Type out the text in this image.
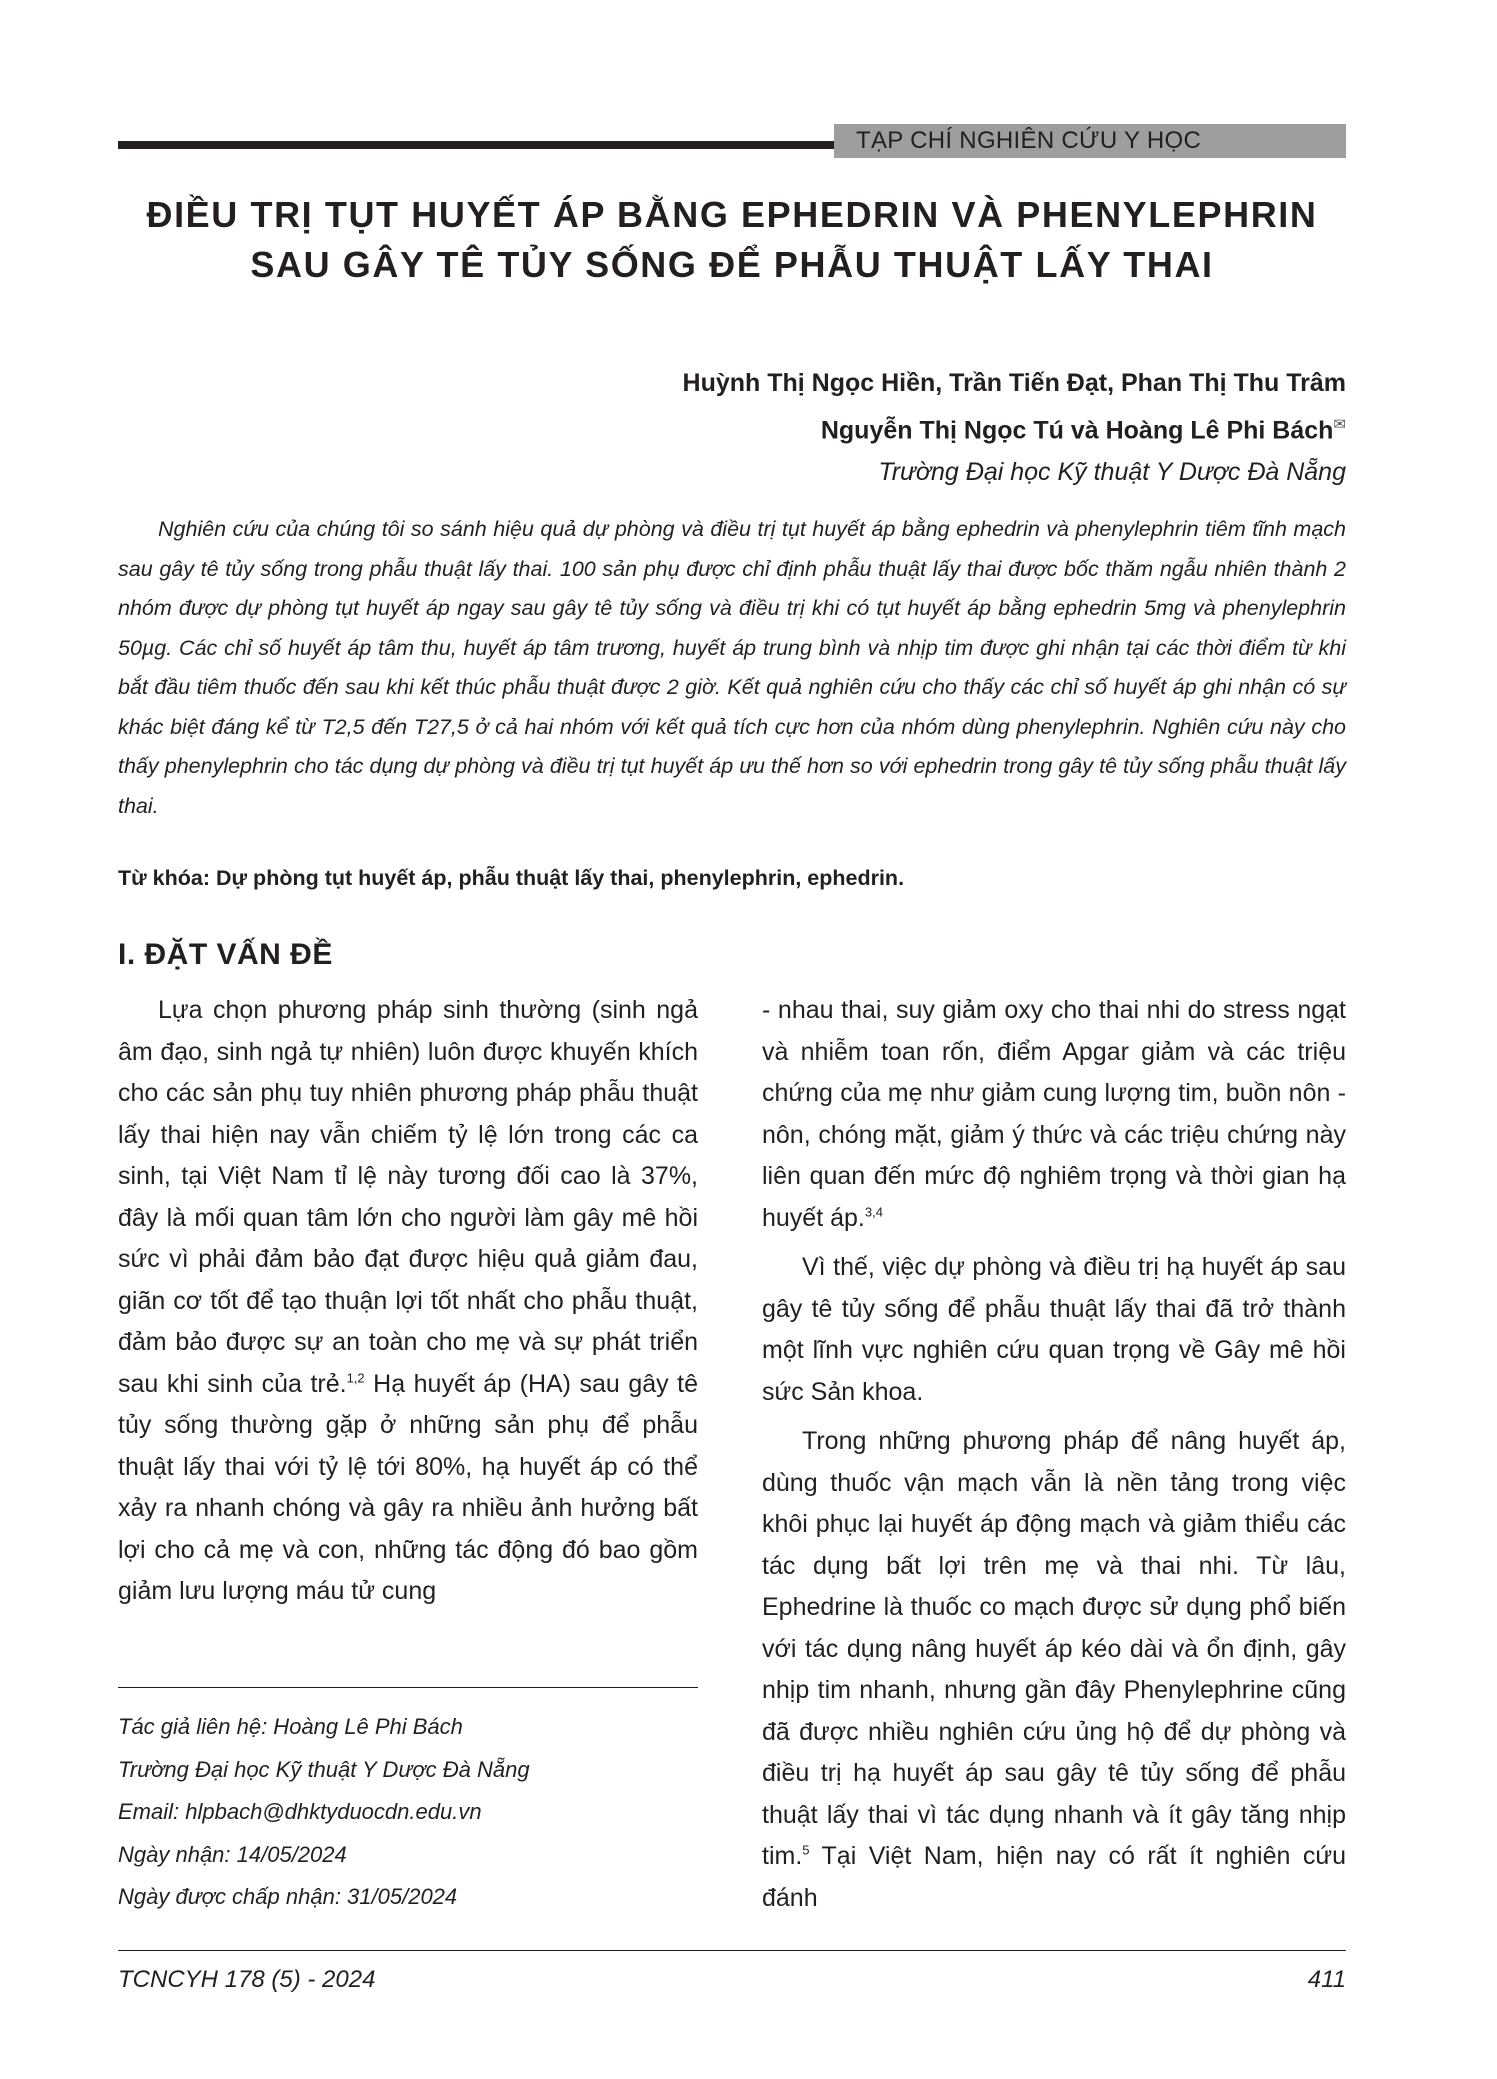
TẠP CHÍ NGHIÊN CỨU Y HỌC
ĐIỀU TRỊ TỤT HUYẾT ÁP BẰNG EPHEDRIN VÀ PHENYLEPHRIN SAU GÂY TÊ TỦY SỐNG ĐỂ PHẪU THUẬT LẤY THAI
Huỳnh Thị Ngọc Hiền, Trần Tiến Đạt, Phan Thị Thu Trâm
Nguyễn Thị Ngọc Tú và Hoàng Lê Phi Bách✉
Trường Đại học Kỹ thuật Y Dược Đà Nẵng

Nghiên cứu của chúng tôi so sánh hiệu quả dự phòng và điều trị tụt huyết áp bằng ephedrin và phenylephrin tiêm tĩnh mạch sau gây tê tủy sống trong phẫu thuật lấy thai. 100 sản phụ được chỉ định phẫu thuật lấy thai được bốc thăm ngẫu nhiên thành 2 nhóm được dự phòng tụt huyết áp ngay sau gây tê tủy sống và điều trị khi có tụt huyết áp bằng ephedrin 5mg và phenylephrin 50µg. Các chỉ số huyết áp tâm thu, huyết áp tâm trương, huyết áp trung bình và nhịp tim được ghi nhận tại các thời điểm từ khi bắt đầu tiêm thuốc đến sau khi kết thúc phẫu thuật được 2 giờ. Kết quả nghiên cứu cho thấy các chỉ số huyết áp ghi nhận có sự khác biệt đáng kể từ T2,5 đến T27,5 ở cả hai nhóm với kết quả tích cực hơn của nhóm dùng phenylephrin. Nghiên cứu này cho thấy phenylephrin cho tác dụng dự phòng và điều trị tụt huyết áp ưu thế hơn so với ephedrin trong gây tê tủy sống phẫu thuật lấy thai.

Từ khóa: Dự phòng tụt huyết áp, phẫu thuật lấy thai, phenylephrin, ephedrin.

I. ĐẶT VẤN ĐỀ

Lựa chọn phương pháp sinh thường (sinh ngả âm đạo, sinh ngả tự nhiên) luôn được khuyến khích cho các sản phụ tuy nhiên phương pháp phẫu thuật lấy thai hiện nay vẫn chiếm tỷ lệ lớn trong các ca sinh, tại Việt Nam tỉ lệ này tương đối cao là 37%, đây là mối quan tâm lớn cho người làm gây mê hồi sức vì phải đảm bảo đạt được hiệu quả giảm đau, giãn cơ tốt để tạo thuận lợi tốt nhất cho phẫu thuật, đảm bảo được sự an toàn cho mẹ và sự phát triển sau khi sinh của trẻ.$^{1,2}$ Hạ huyết áp (HA) sau gây tê tủy sống thường gặp ở những sản phụ để phẫu thuật lấy thai với tỷ lệ tới 80%, hạ huyết áp có thể xảy ra nhanh chóng và gây ra nhiều ảnh hưởng bất lợi cho cả mẹ và con, những tác động đó bao gồm giảm lưu lượng máu tử cung

- nhau thai, suy giảm oxy cho thai nhi do stress ngạt và nhiễm toan rốn, điểm Apgar giảm và các triệu chứng của mẹ như giảm cung lượng tim, buồn nôn - nôn, chóng mặt, giảm ý thức và các triệu chứng này liên quan đến mức độ nghiêm trọng và thời gian hạ huyết áp.$^{3,4}$

Vì thế, việc dự phòng và điều trị hạ huyết áp sau gây tê tủy sống để phẫu thuật lấy thai đã trở thành một lĩnh vực nghiên cứu quan trọng về Gây mê hồi sức Sản khoa.

Trong những phương pháp để nâng huyết áp, dùng thuốc vận mạch vẫn là nền tảng trong việc khôi phục lại huyết áp động mạch và giảm thiểu các tác dụng bất lợi trên mẹ và thai nhi. Từ lâu, Ephedrine là thuốc co mạch được sử dụng phổ biến với tác dụng nâng huyết áp kéo dài và ổn định, gây nhịp tim nhanh, nhưng gần đây Phenylephrine cũng đã được nhiều nghiên cứu ủng hộ để dự phòng và điều trị hạ huyết áp sau gây tê tủy sống để phẫu thuật lấy thai vì tác dụng nhanh và ít gây tăng nhịp tim.$^5$ Tại Việt Nam, hiện nay có rất ít nghiên cứu đánh

Tác giả liên hệ: Hoàng Lê Phi Bách
Trường Đại học Kỹ thuật Y Dược Đà Nẵng
Email: hlpbach@dhktyduocdn.edu.vn
Ngày nhận: 14/05/2024
Ngày được chấp nhận: 31/05/2024
TCNCYH 178 (5) - 2024	411
